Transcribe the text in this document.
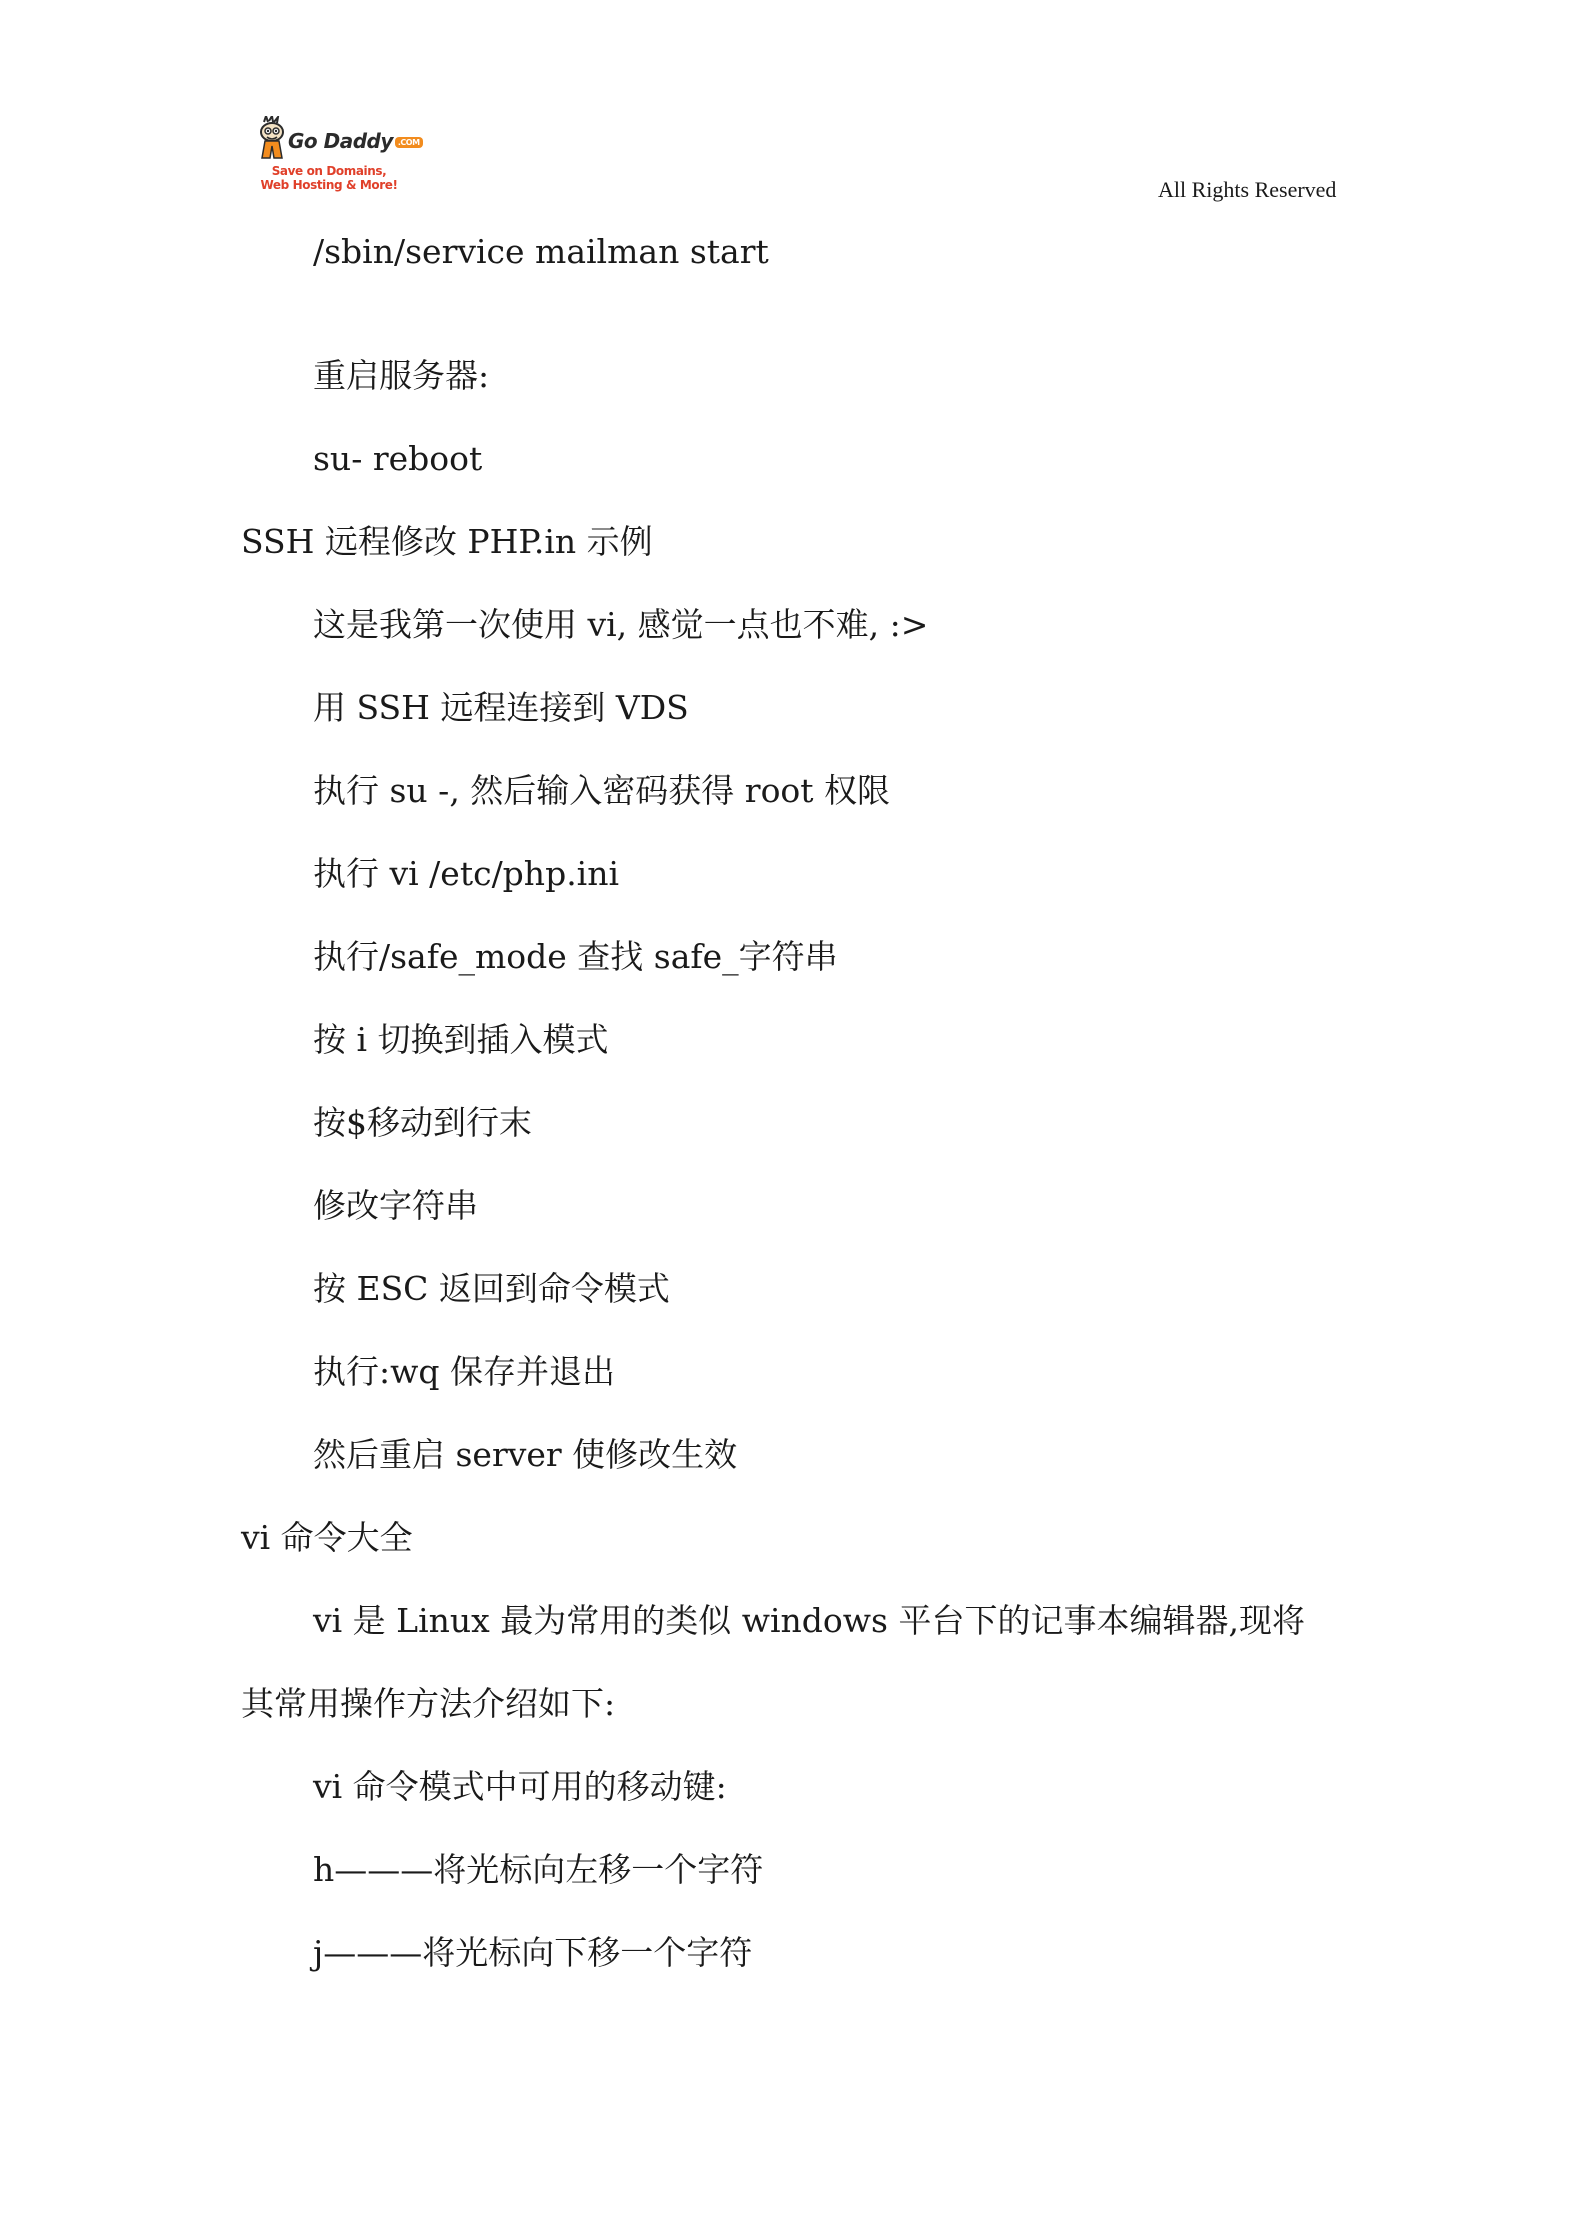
Go Daddy .COM
Save on Domains,
Web Hosting & More!	All Rights Reserved
/sbin/service mailman start
重启服务器:
su- reboot
SSH 远程修改 PHP.in 示例
这是我第一次使用 vi, 感觉一点也不难, :>
用 SSH 远程连接到 VDS
执行 su -, 然后输入密码获得 root 权限
执行 vi /etc/php.ini
执行/safe_mode 查找 safe_字符串
按 i 切换到插入模式
按$移动到行末
修改字符串
按 ESC 返回到命令模式
执行:wq 保存并退出
然后重启 server 使修改生效
vi 命令大全
vi 是 Linux 最为常用的类似 windows 平台下的记事本编辑器,现将
其常用操作方法介绍如下:
vi 命令模式中可用的移动键:
h———将光标向左移一个字符
j———将光标向下移一个字符
